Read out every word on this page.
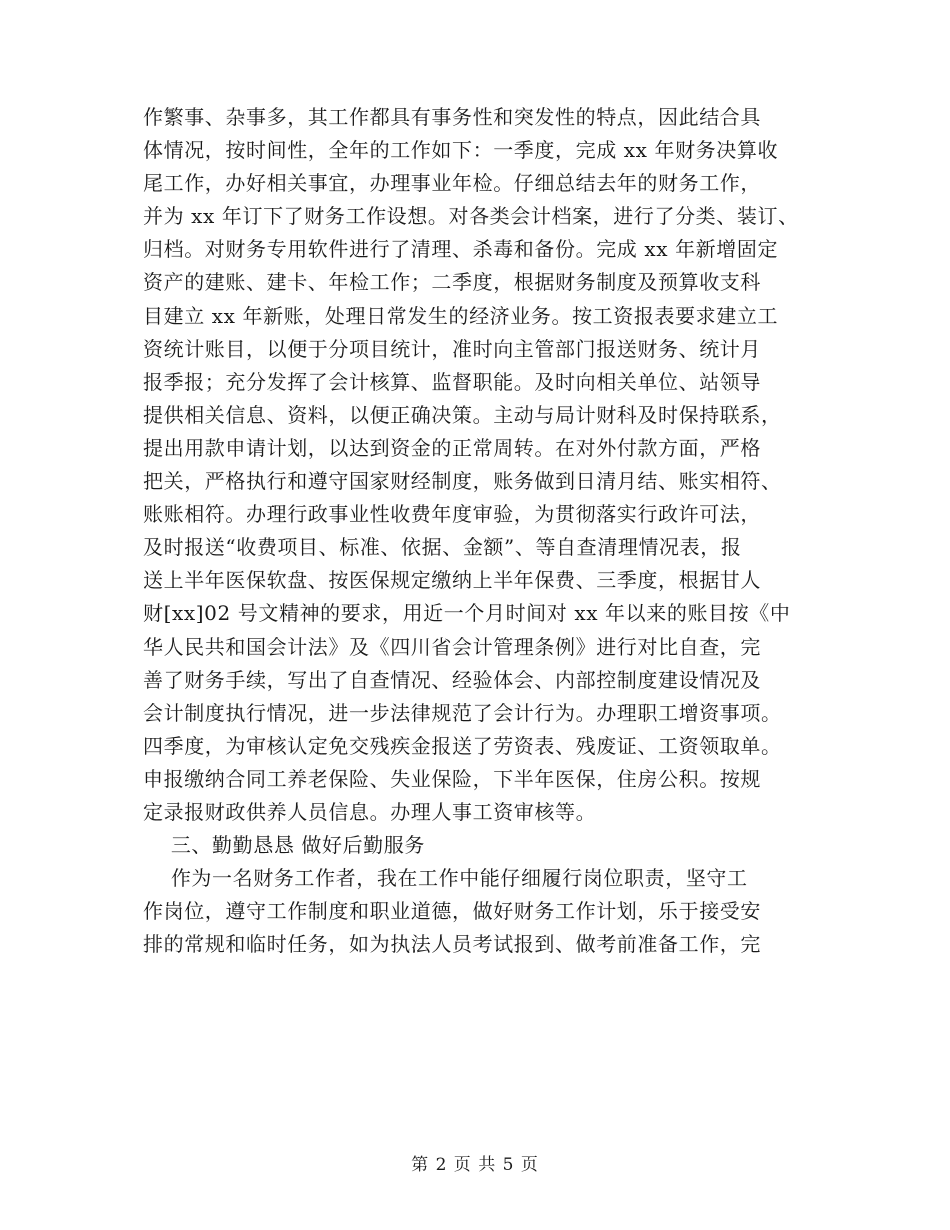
作繁事、杂事多，其工作都具有事务性和突发性的特点，因此结合具
体情况，按时间性，全年的工作如下：一季度，完成 xx 年财务决算收
尾工作，办好相关事宜，办理事业年检。仔细总结去年的财务工作，
并为 xx 年订下了财务工作设想。对各类会计档案，进行了分类、装订、
归档。对财务专用软件进行了清理、杀毒和备份。完成 xx 年新增固定
资产的建账、建卡、年检工作；二季度，根据财务制度及预算收支科
目建立 xx 年新账，处理日常发生的经济业务。按工资报表要求建立工
资统计账目，以便于分项目统计，准时向主管部门报送财务、统计月
报季报；充分发挥了会计核算、监督职能。及时向相关单位、站领导
提供相关信息、资料，以便正确决策。主动与局计财科及时保持联系，
提出用款申请计划，以达到资金的正常周转。在对外付款方面，严格
把关，严格执行和遵守国家财经制度，账务做到日清月结、账实相符、
账账相符。办理行政事业性收费年度审验，为贯彻落实行政许可法，
及时报送“收费项目、标准、依据、金额”、等自查清理情况表，报
送上半年医保软盘、按医保规定缴纳上半年保费、三季度，根据甘人
财[xx]02 号文精神的要求，用近一个月时间对 xx 年以来的账目按《中
华人民共和国会计法》及《四川省会计管理条例》进行对比自查，完
善了财务手续，写出了自查情况、经验体会、内部控制度建设情况及
会计制度执行情况，进一步法律规范了会计行为。办理职工增资事项。
四季度，为审核认定免交残疾金报送了劳资表、残废证、工资领取单。
申报缴纳合同工养老保险、失业保险，下半年医保，住房公积。按规
定录报财政供养人员信息。办理人事工资审核等。
三、勤勤恳恳 做好后勤服务
作为一名财务工作者，我在工作中能仔细履行岗位职责，坚守工
作岗位，遵守工作制度和职业道德，做好财务工作计划，乐于接受安
排的常规和临时任务，如为执法人员考试报到、做考前准备工作，完
第 2 页 共 5 页
